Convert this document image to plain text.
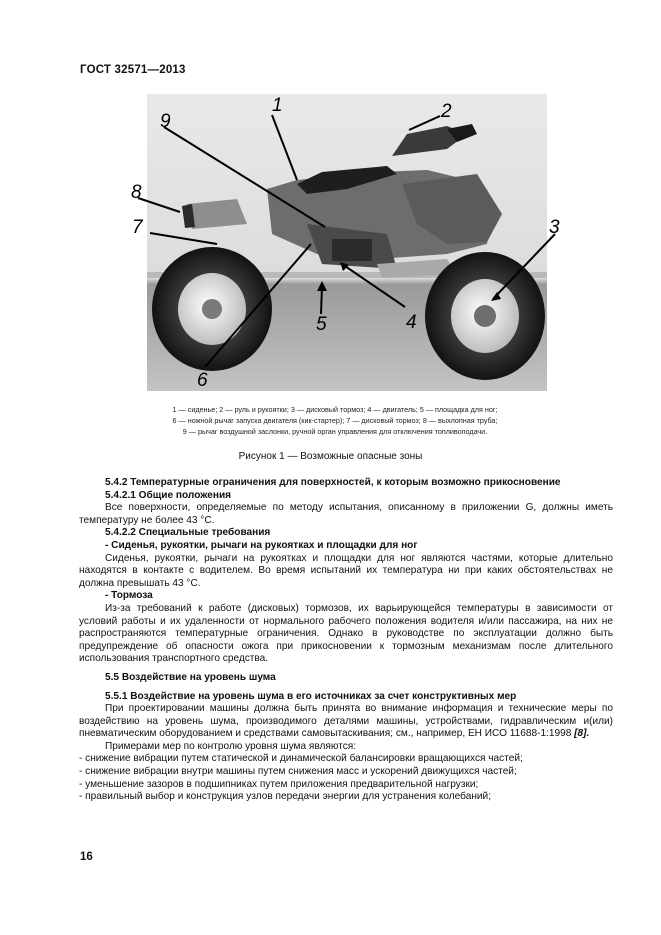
ГОСТ 32571—2013
1	2
3
4
5
6
7
8
9
1 — сиденье; 2 — руль и рукоятки; 3 — дисковый тормоз; 4 — двигатель; 5 — площадка для ног;
6 — ножной рычаг запуска двигателя (кик-стартер); 7 — дисковый тормоз; 8 — выхлопная труба;
9 — рычаг воздушной заслонки, ручной орган управления для отключения топливоподачи.
Рисунок 1 — Возможные опасные зоны

5.4.2 Температурные ограничения для поверхностей, к которым возможно прикосновение

5.4.2.1 Общие положения

Все поверхности, определяемые по методу испытания, описанному в приложении G, должны иметь температуру не более 43 °С.

5.4.2.2 Специальные требования

- Сиденья, рукоятки, рычаги на рукоятках и площадки для ног

Сиденья, рукоятки, рычаги на рукоятках и площадки для ног являются частями, которые длительно находятся в контакте с водителем. Во время испытаний их температура ни при каких обстоятельствах не должна превышать 43 °С.

- Тормоза

Из-за требований к работе (дисковых) тормозов, их варьирующейся температуры в зависимости от условий работы и их удаленности от нормального рабочего положения водителя и/или пассажира, на них не распространяются температурные ограничения. Однако в руководстве по эксплуатации должно быть предупреждение об опасности ожога при прикосновении к тормозным механизмам после длительного использования транспортного средства.

5.5 Воздействие на уровень шума

5.5.1 Воздействие на уровень шума в его источниках за счет конструктивных мер

При проектировании машины должна быть принята во внимание информация и технические меры по воздействию на уровень шума, производимого деталями машины, устройствами, гидравлическим и(или) пневматическим оборудованием и средствами самовытаскивания; см., например, ЕН ИСО 11688-1:1998 [8].

Примерами мер по контролю уровня шума являются:

- снижение вибрации путем статической и динамической балансировки вращающихся частей;

- снижение вибрации внутри машины путем снижения масс и ускорений движущихся частей;

- уменьшение зазоров в подшипниках путем приложения предварительной нагрузки;

- правильный выбор и конструкция узлов передачи энергии для устранения колебаний;

16
